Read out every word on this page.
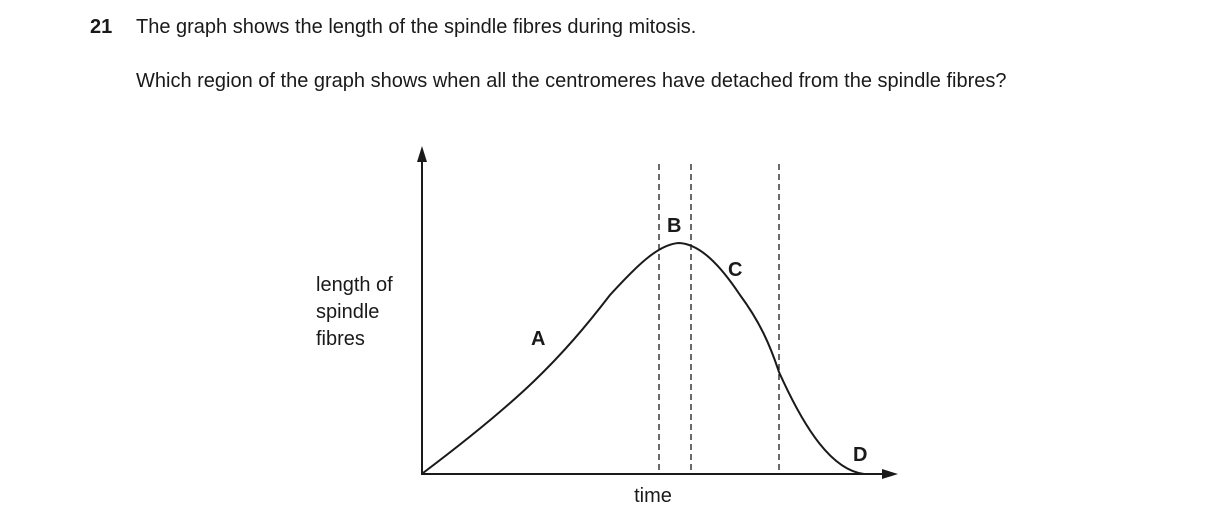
21 The graph shows the length of the spindle fibres during mitosis.
Which region of the graph shows when all the centromeres have detached from the spindle fibres?
length of spindle fibres
time
A
B
C
D
